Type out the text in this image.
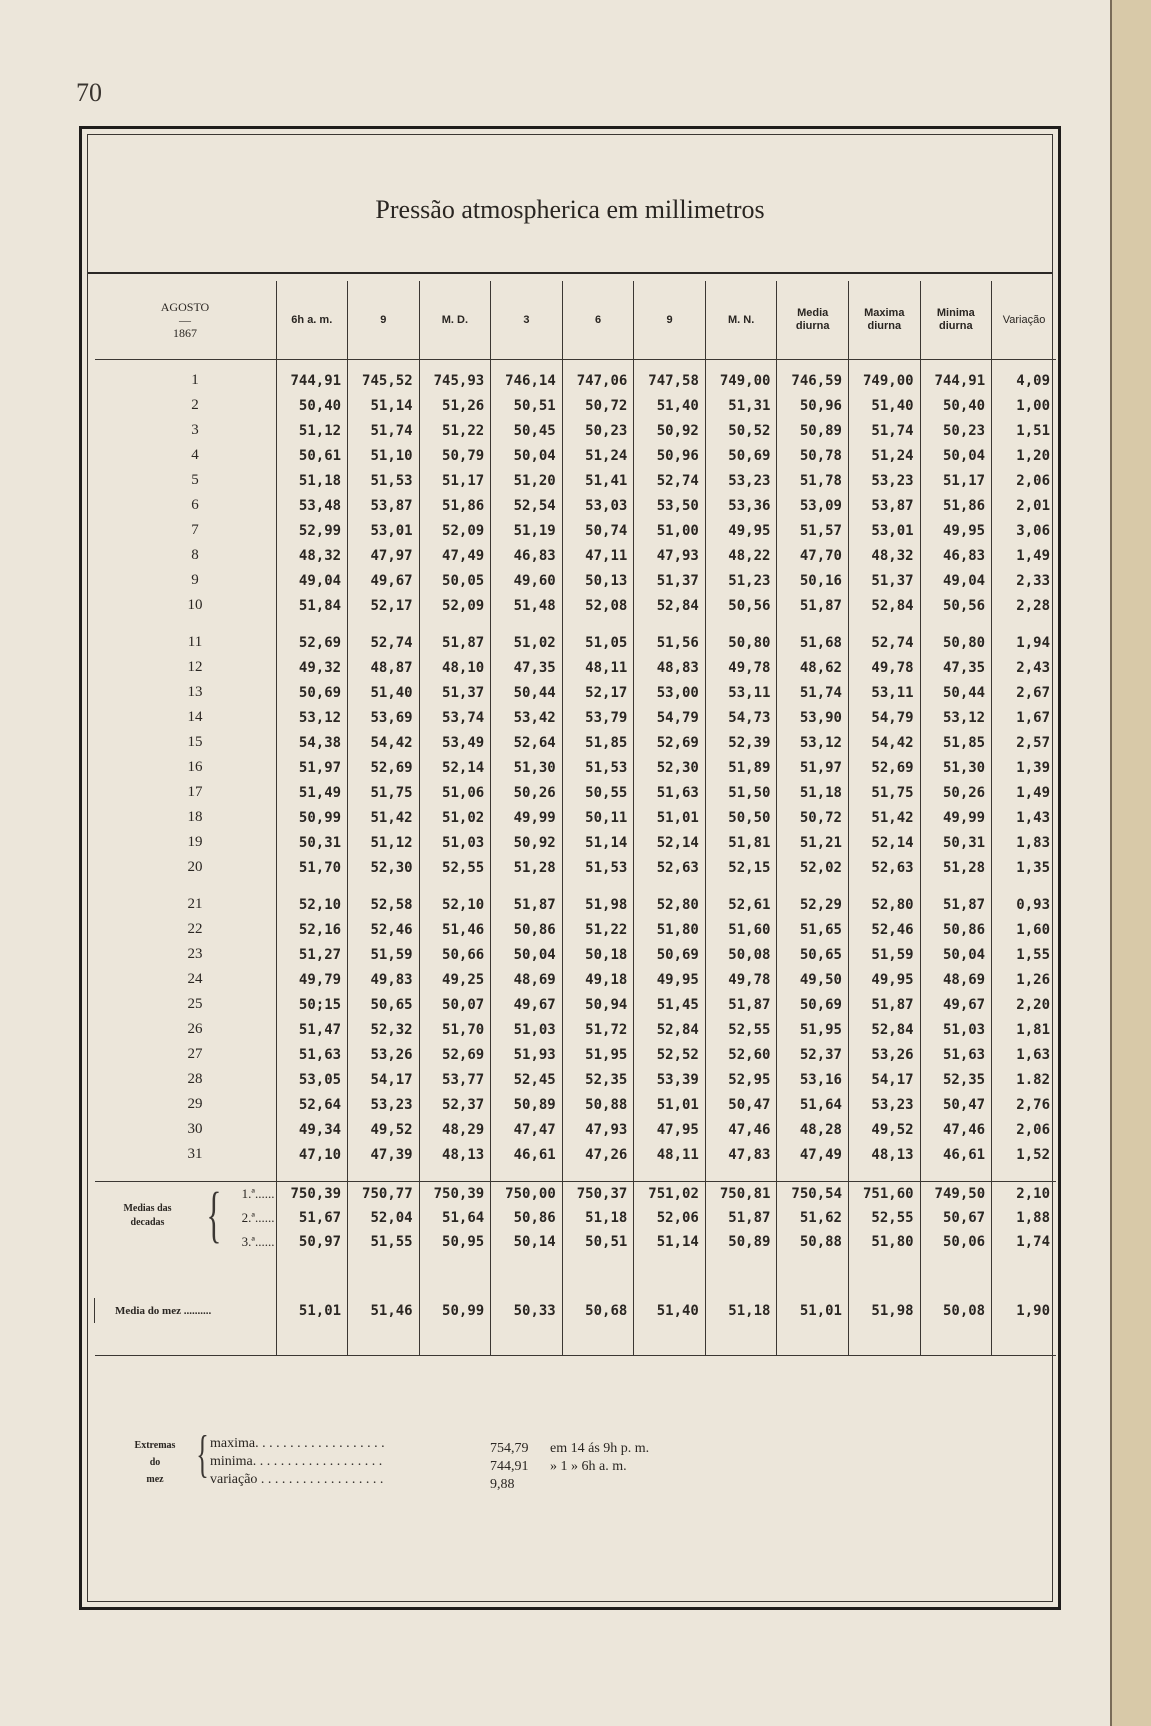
70
Pressão atmospherica em millimetros
AGOSTO
—
1867	6h a. m.	9	M. D.	3	6	9	M. N.	Media diurna	Maxima diurna	Minima diurna	Variação
1	744,91	745,52	745,93	746,14	747,06	747,58	749,00	746,59	749,00	744,91	4,09
2	50,40	51,14	51,26	50,51	50,72	51,40	51,31	50,96	51,40	50,40	1,00
3	51,12	51,74	51,22	50,45	50,23	50,92	50,52	50,89	51,74	50,23	1,51
4	50,61	51,10	50,79	50,04	51,24	50,96	50,69	50,78	51,24	50,04	1,20
5	51,18	51,53	51,17	51,20	51,41	52,74	53,23	51,78	53,23	51,17	2,06
6	53,48	53,87	51,86	52,54	53,03	53,50	53,36	53,09	53,87	51,86	2,01
7	52,99	53,01	52,09	51,19	50,74	51,00	49,95	51,57	53,01	49,95	3,06
8	48,32	47,97	47,49	46,83	47,11	47,93	48,22	47,70	48,32	46,83	1,49
9	49,04	49,67	50,05	49,60	50,13	51,37	51,23	50,16	51,37	49,04	2,33
10	51,84	52,17	52,09	51,48	52,08	52,84	50,56	51,87	52,84	50,56	2,28

11	52,69	52,74	51,87	51,02	51,05	51,56	50,80	51,68	52,74	50,80	1,94
12	49,32	48,87	48,10	47,35	48,11	48,83	49,78	48,62	49,78	47,35	2,43
13	50,69	51,40	51,37	50,44	52,17	53,00	53,11	51,74	53,11	50,44	2,67
14	53,12	53,69	53,74	53,42	53,79	54,79	54,73	53,90	54,79	53,12	1,67
15	54,38	54,42	53,49	52,64	51,85	52,69	52,39	53,12	54,42	51,85	2,57
16	51,97	52,69	52,14	51,30	51,53	52,30	51,89	51,97	52,69	51,30	1,39
17	51,49	51,75	51,06	50,26	50,55	51,63	51,50	51,18	51,75	50,26	1,49
18	50,99	51,42	51,02	49,99	50,11	51,01	50,50	50,72	51,42	49,99	1,43
19	50,31	51,12	51,03	50,92	51,14	52,14	51,81	51,21	52,14	50,31	1,83
20	51,70	52,30	52,55	51,28	51,53	52,63	52,15	52,02	52,63	51,28	1,35

21	52,10	52,58	52,10	51,87	51,98	52,80	52,61	52,29	52,80	51,87	0,93
22	52,16	52,46	51,46	50,86	51,22	51,80	51,60	51,65	52,46	50,86	1,60
23	51,27	51,59	50,66	50,04	50,18	50,69	50,08	50,65	51,59	50,04	1,55
24	49,79	49,83	49,25	48,69	49,18	49,95	49,78	49,50	49,95	48,69	1,26
25	50;15	50,65	50,07	49,67	50,94	51,45	51,87	50,69	51,87	49,67	2,20
26	51,47	52,32	51,70	51,03	51,72	52,84	52,55	51,95	52,84	51,03	1,81
27	51,63	53,26	52,69	51,93	51,95	52,52	52,60	52,37	53,26	51,63	1,63
28	53,05	54,17	53,77	52,45	52,35	53,39	52,95	53,16	54,17	52,35	1.82
29	52,64	53,23	52,37	50,89	50,88	51,01	50,47	51,64	53,23	50,47	2,76
30	49,34	49,52	48,29	47,47	47,93	47,95	47,46	48,28	49,52	47,46	2,06
31	47,10	47,39	48,13	46,61	47,26	48,11	47,83	47,49	48,13	46,61	1,52

Medias das
decadas { 1.ª......	750,39	750,77	750,39	750,00	750,37	751,02	750,81	750,54	751,60	749,50	2,10

2.ª......	51,67	52,04	51,64	50,86	51,18	52,06	51,87	51,62	52,55	50,67	1,88

3.ª......	50,97	51,55	50,95	50,14	50,51	51,14	50,89	50,88	51,80	50,06	1,74

Media do mez ..........	51,01	51,46	50,99	50,33	50,68	51,40	51,18	51,01	51,98	50,08	1,90

Extremas
do
mez { maxima. . . . . . . . . . . . . . . . . . .	754,79 em 14 ás 9h p. m.
minima. . . . . . . . . . . . . . . . . . .	744,91 » 1 » 6h a. m.
variação . . . . . . . . . . . . . . . . . .	9,88
